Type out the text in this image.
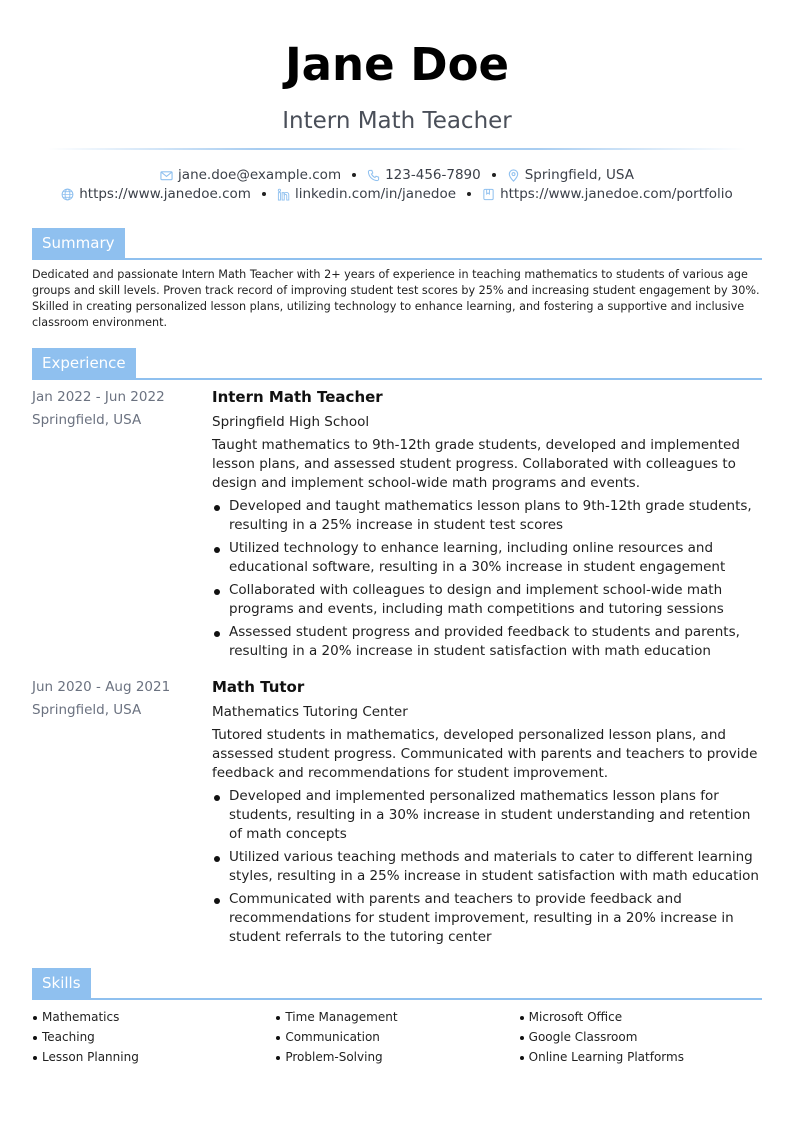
Jane Doe
Intern Math Teacher
jane.doe@example.com	123-456-7890	Springfield, USA
https://www.janedoe.com	linkedin.com/in/janedoe	https://www.janedoe.com/portfolio
Summary
Dedicated and passionate Intern Math Teacher with 2+ years of experience in teaching mathematics to students of various age groups and skill levels. Proven track record of improving student test scores by 25% and increasing student engagement by 30%. Skilled in creating personalized lesson plans, utilizing technology to enhance learning, and fostering a supportive and inclusive classroom environment.
Experience
Jan 2022 - Jun 2022
Springfield, USA
Intern Math Teacher
Springfield High School
Taught mathematics to 9th-12th grade students, developed and implemented lesson plans, and assessed student progress. Collaborated with colleagues to design and implement school-wide math programs and events.
Developed and taught mathematics lesson plans to 9th-12th grade students, resulting in a 25% increase in student test scores
Utilized technology to enhance learning, including online resources and educational software, resulting in a 30% increase in student engagement
Collaborated with colleagues to design and implement school-wide math programs and events, including math competitions and tutoring sessions
Assessed student progress and provided feedback to students and parents, resulting in a 20% increase in student satisfaction with math education
Jun 2020 - Aug 2021
Springfield, USA
Math Tutor
Mathematics Tutoring Center
Tutored students in mathematics, developed personalized lesson plans, and assessed student progress. Communicated with parents and teachers to provide feedback and recommendations for student improvement.
Developed and implemented personalized mathematics lesson plans for students, resulting in a 30% increase in student understanding and retention of math concepts
Utilized various teaching methods and materials to cater to different learning styles, resulting in a 25% increase in student satisfaction with math education
Communicated with parents and teachers to provide feedback and recommendations for student improvement, resulting in a 20% increase in student referrals to the tutoring center
Skills
Mathematics
Teaching
Lesson Planning
Time Management
Communication
Problem-Solving
Microsoft Office
Google Classroom
Online Learning Platforms
